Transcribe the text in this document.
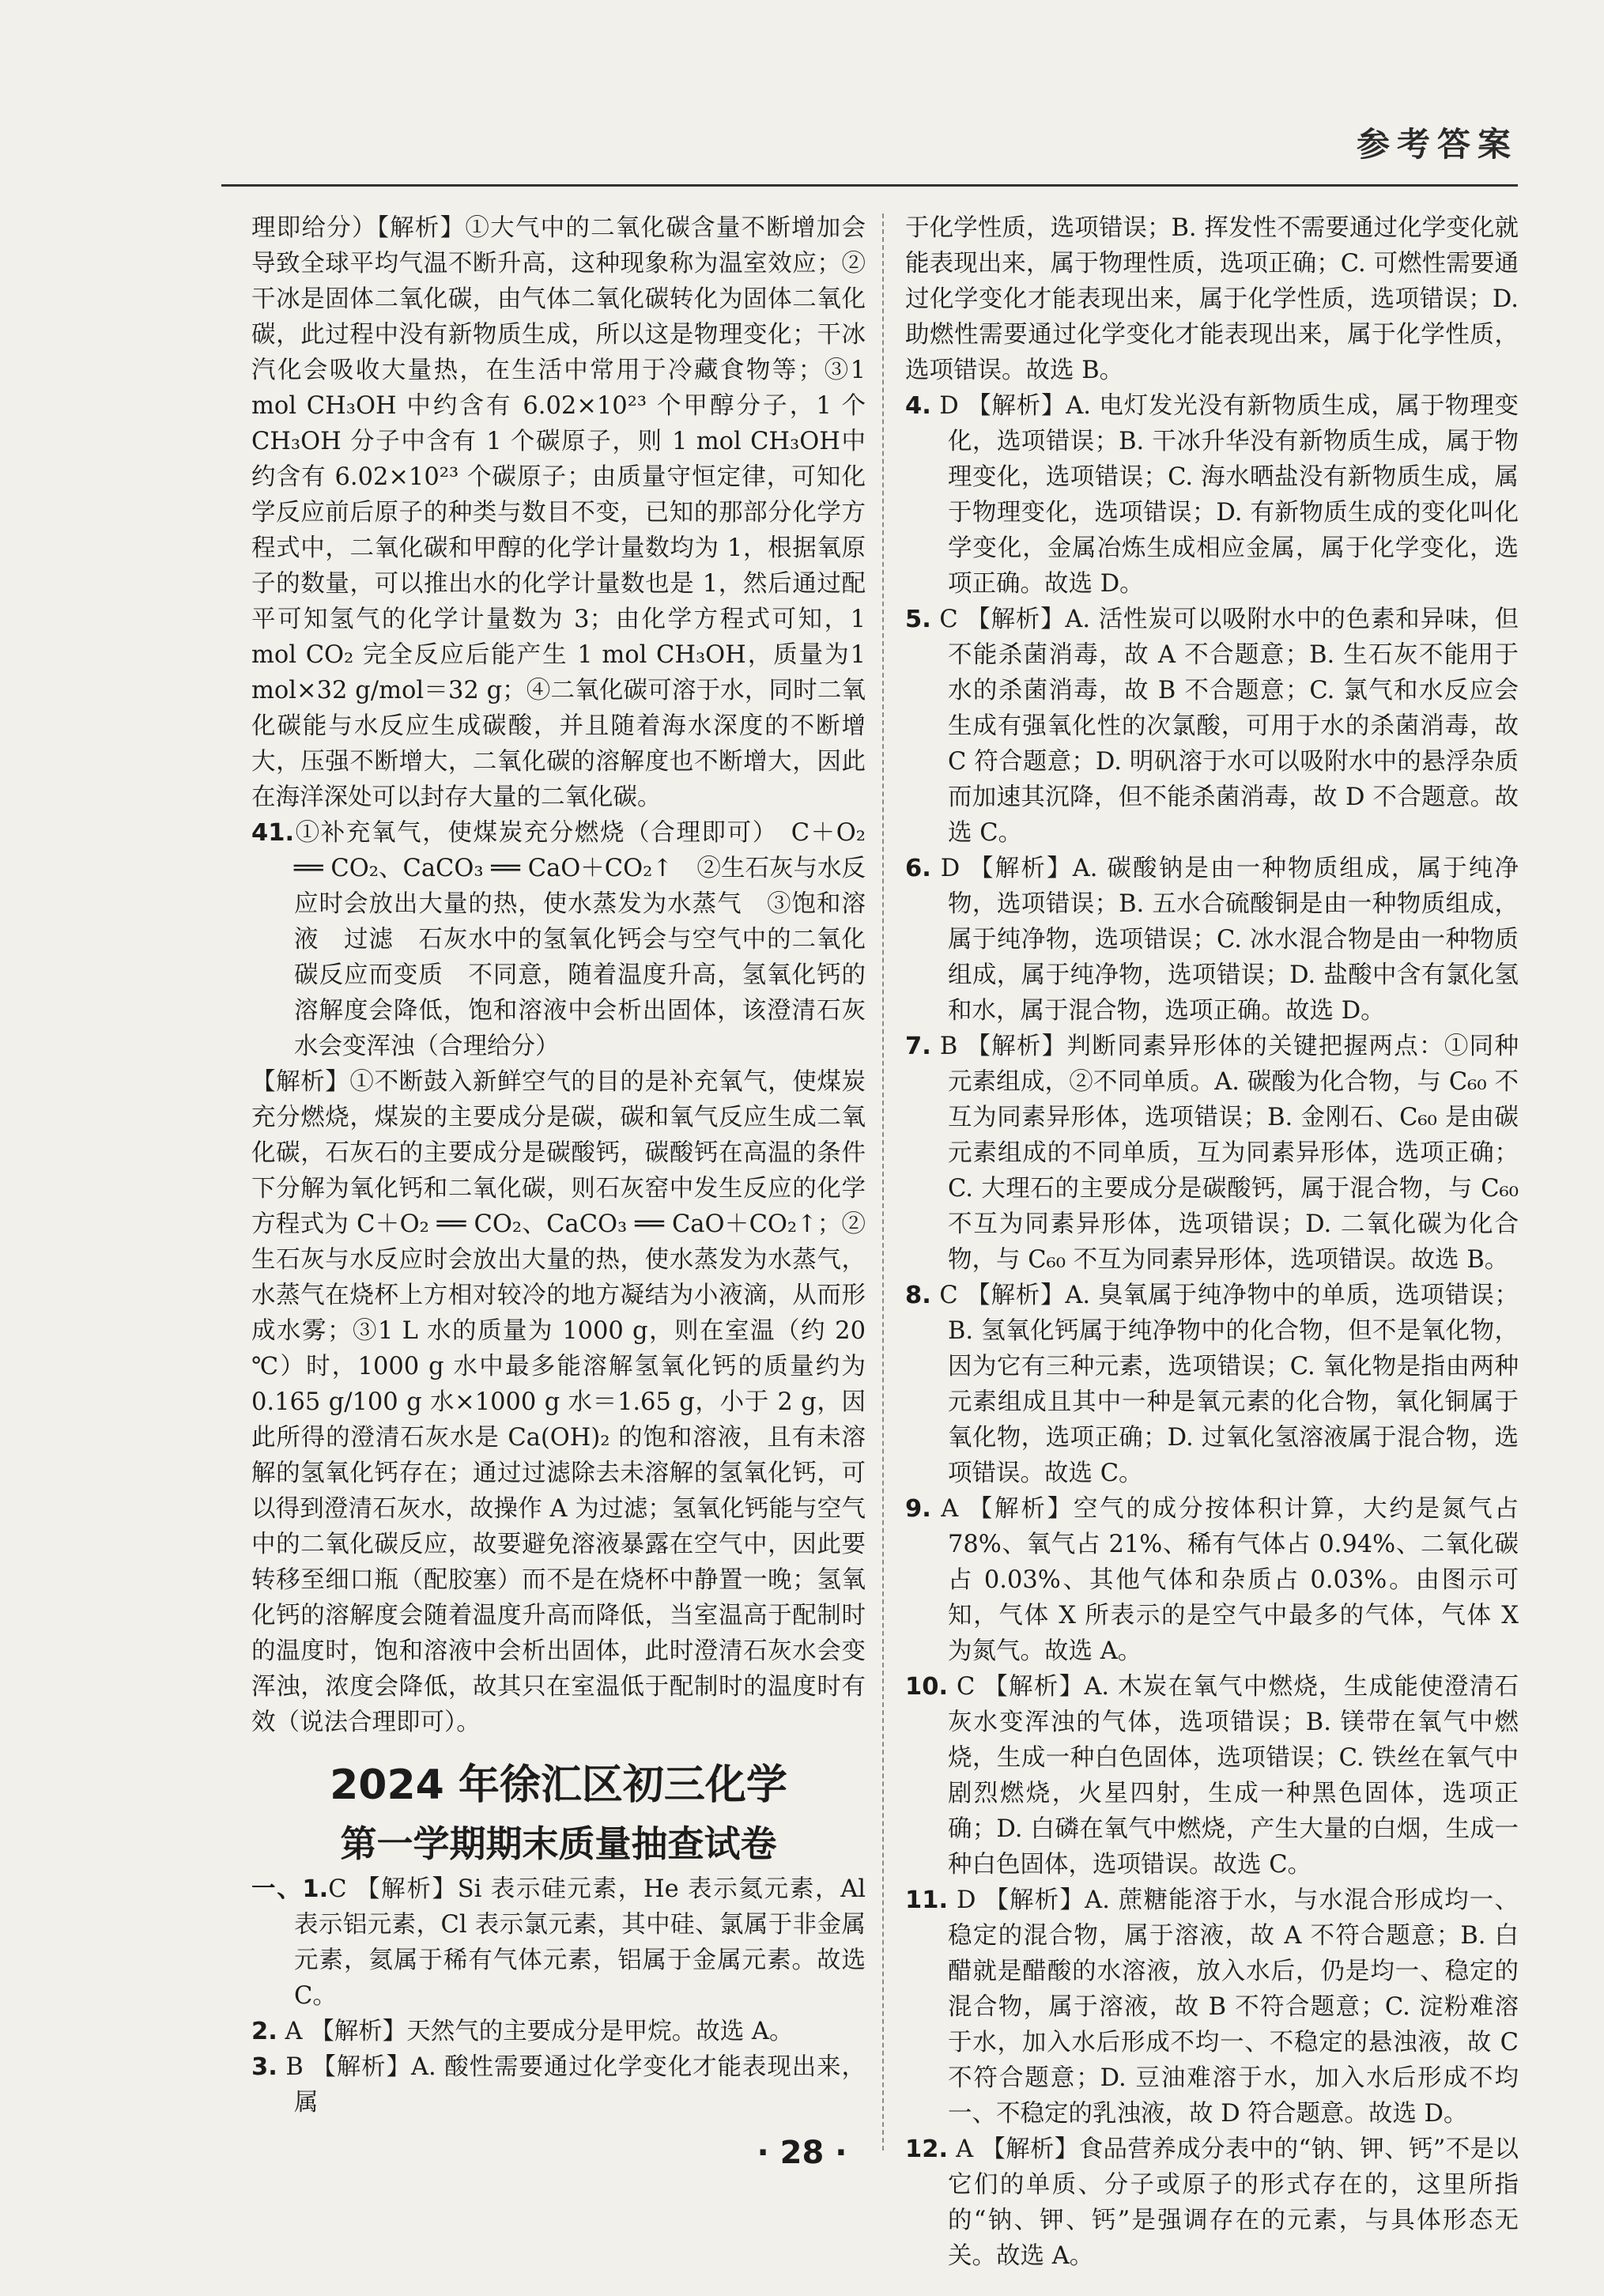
参考答案

理即给分）【解析】①大气中的二氧化碳含量不断增加会导致全球平均气温不断升高，这种现象称为温室效应；②干冰是固体二氧化碳，由气体二氧化碳转化为固体二氧化碳，此过程中没有新物质生成，所以这是物理变化；干冰汽化会吸收大量热，在生活中常用于冷藏食物等；③1 mol CH₃OH 中约含有 6.02×10²³ 个甲醇分子，1 个 CH₃OH 分子中含有 1 个碳原子，则 1 mol CH₃OH中约含有 6.02×10²³ 个碳原子；由质量守恒定律，可知化学反应前后原子的种类与数目不变，已知的那部分化学方程式中，二氧化碳和甲醇的化学计量数均为 1，根据氧原子的数量，可以推出水的化学计量数也是 1，然后通过配平可知氢气的化学计量数为 3；由化学方程式可知，1 mol CO₂ 完全反应后能产生 1 mol CH₃OH，质量为1 mol×32 g/mol＝32 g；④二氧化碳可溶于水，同时二氧化碳能与水反应生成碳酸，并且随着海水深度的不断增大，压强不断增大，二氧化碳的溶解度也不断增大，因此在海洋深处可以封存大量的二氧化碳。

41.①补充氧气，使煤炭充分燃烧（合理即可）　C＋O₂ ══ CO₂、CaCO₃ ══ CaO＋CO₂↑　②生石灰与水反应时会放出大量的热，使水蒸发为水蒸气　③饱和溶液　过滤　石灰水中的氢氧化钙会与空气中的二氧化碳反应而变质　不同意，随着温度升高，氢氧化钙的溶解度会降低，饱和溶液中会析出固体，该澄清石灰水会变浑浊（合理给分）

【解析】①不断鼓入新鲜空气的目的是补充氧气，使煤炭充分燃烧，煤炭的主要成分是碳，碳和氧气反应生成二氧化碳，石灰石的主要成分是碳酸钙，碳酸钙在高温的条件下分解为氧化钙和二氧化碳，则石灰窑中发生反应的化学方程式为 C＋O₂ ══ CO₂、CaCO₃ ══ CaO＋CO₂↑；②生石灰与水反应时会放出大量的热，使水蒸发为水蒸气，水蒸气在烧杯上方相对较冷的地方凝结为小液滴，从而形成水雾；③1 L 水的质量为 1000 g，则在室温（约 20 ℃）时，1000 g 水中最多能溶解氢氧化钙的质量约为 0.165 g/100 g 水×1000 g 水＝1.65 g，小于 2 g，因此所得的澄清石灰水是 Ca(OH)₂ 的饱和溶液，且有未溶解的氢氧化钙存在；通过过滤除去未溶解的氢氧化钙，可以得到澄清石灰水，故操作 A 为过滤；氢氧化钙能与空气中的二氧化碳反应，故要避免溶液暴露在空气中，因此要转移至细口瓶（配胶塞）而不是在烧杯中静置一晚；氢氧化钙的溶解度会随着温度升高而降低，当室温高于配制时的温度时，饱和溶液中会析出固体，此时澄清石灰水会变浑浊，浓度会降低，故其只在室温低于配制时的温度时有效（说法合理即可）。

2024 年徐汇区初三化学
第一学期期末质量抽查试卷

一、1.C 【解析】Si 表示硅元素，He 表示氦元素，Al 表示铝元素，Cl 表示氯元素，其中硅、氯属于非金属元素，氦属于稀有气体元素，铝属于金属元素。故选 C。

2. A 【解析】天然气的主要成分是甲烷。故选 A。

3. B 【解析】A. 酸性需要通过化学变化才能表现出来，属

于化学性质，选项错误；B. 挥发性不需要通过化学变化就能表现出来，属于物理性质，选项正确；C. 可燃性需要通过化学变化才能表现出来，属于化学性质，选项错误；D. 助燃性需要通过化学变化才能表现出来，属于化学性质，选项错误。故选 B。

4. D 【解析】A. 电灯发光没有新物质生成，属于物理变化，选项错误；B. 干冰升华没有新物质生成，属于物理变化，选项错误；C. 海水晒盐没有新物质生成，属于物理变化，选项错误；D. 有新物质生成的变化叫化学变化，金属冶炼生成相应金属，属于化学变化，选项正确。故选 D。

5. C 【解析】A. 活性炭可以吸附水中的色素和异味，但不能杀菌消毒，故 A 不合题意；B. 生石灰不能用于水的杀菌消毒，故 B 不合题意；C. 氯气和水反应会生成有强氧化性的次氯酸，可用于水的杀菌消毒，故 C 符合题意；D. 明矾溶于水可以吸附水中的悬浮杂质而加速其沉降，但不能杀菌消毒，故 D 不合题意。故选 C。

6. D 【解析】A. 碳酸钠是由一种物质组成，属于纯净物，选项错误；B. 五水合硫酸铜是由一种物质组成，属于纯净物，选项错误；C. 冰水混合物是由一种物质组成，属于纯净物，选项错误；D. 盐酸中含有氯化氢和水，属于混合物，选项正确。故选 D。

7. B 【解析】判断同素异形体的关键把握两点：①同种元素组成，②不同单质。A. 碳酸为化合物，与 C₆₀ 不互为同素异形体，选项错误；B. 金刚石、C₆₀ 是由碳元素组成的不同单质，互为同素异形体，选项正确；C. 大理石的主要成分是碳酸钙，属于混合物，与 C₆₀ 不互为同素异形体，选项错误；D. 二氧化碳为化合物，与 C₆₀ 不互为同素异形体，选项错误。故选 B。

8. C 【解析】A. 臭氧属于纯净物中的单质，选项错误；B. 氢氧化钙属于纯净物中的化合物，但不是氧化物，因为它有三种元素，选项错误；C. 氧化物是指由两种元素组成且其中一种是氧元素的化合物，氧化铜属于氧化物，选项正确；D. 过氧化氢溶液属于混合物，选项错误。故选 C。

9. A 【解析】空气的成分按体积计算，大约是氮气占 78%、氧气占 21%、稀有气体占 0.94%、二氧化碳占 0.03%、其他气体和杂质占 0.03%。由图示可知，气体 X 所表示的是空气中最多的气体，气体 X 为氮气。故选 A。

10. C 【解析】A. 木炭在氧气中燃烧，生成能使澄清石灰水变浑浊的气体，选项错误；B. 镁带在氧气中燃烧，生成一种白色固体，选项错误；C. 铁丝在氧气中剧烈燃烧，火星四射，生成一种黑色固体，选项正确；D. 白磷在氧气中燃烧，产生大量的白烟，生成一种白色固体，选项错误。故选 C。

11. D 【解析】A. 蔗糖能溶于水，与水混合形成均一、稳定的混合物，属于溶液，故 A 不符合题意；B. 白醋就是醋酸的水溶液，放入水后，仍是均一、稳定的混合物，属于溶液，故 B 不符合题意；C. 淀粉难溶于水，加入水后形成不均一、不稳定的悬浊液，故 C 不符合题意；D. 豆油难溶于水，加入水后形成不均一、不稳定的乳浊液，故 D 符合题意。故选 D。

12. A 【解析】食品营养成分表中的“钠、钾、钙”不是以它们的单质、分子或原子的形式存在的，这里所指的“钠、钾、钙”是强调存在的元素，与具体形态无关。故选 A。

· 28 ·
